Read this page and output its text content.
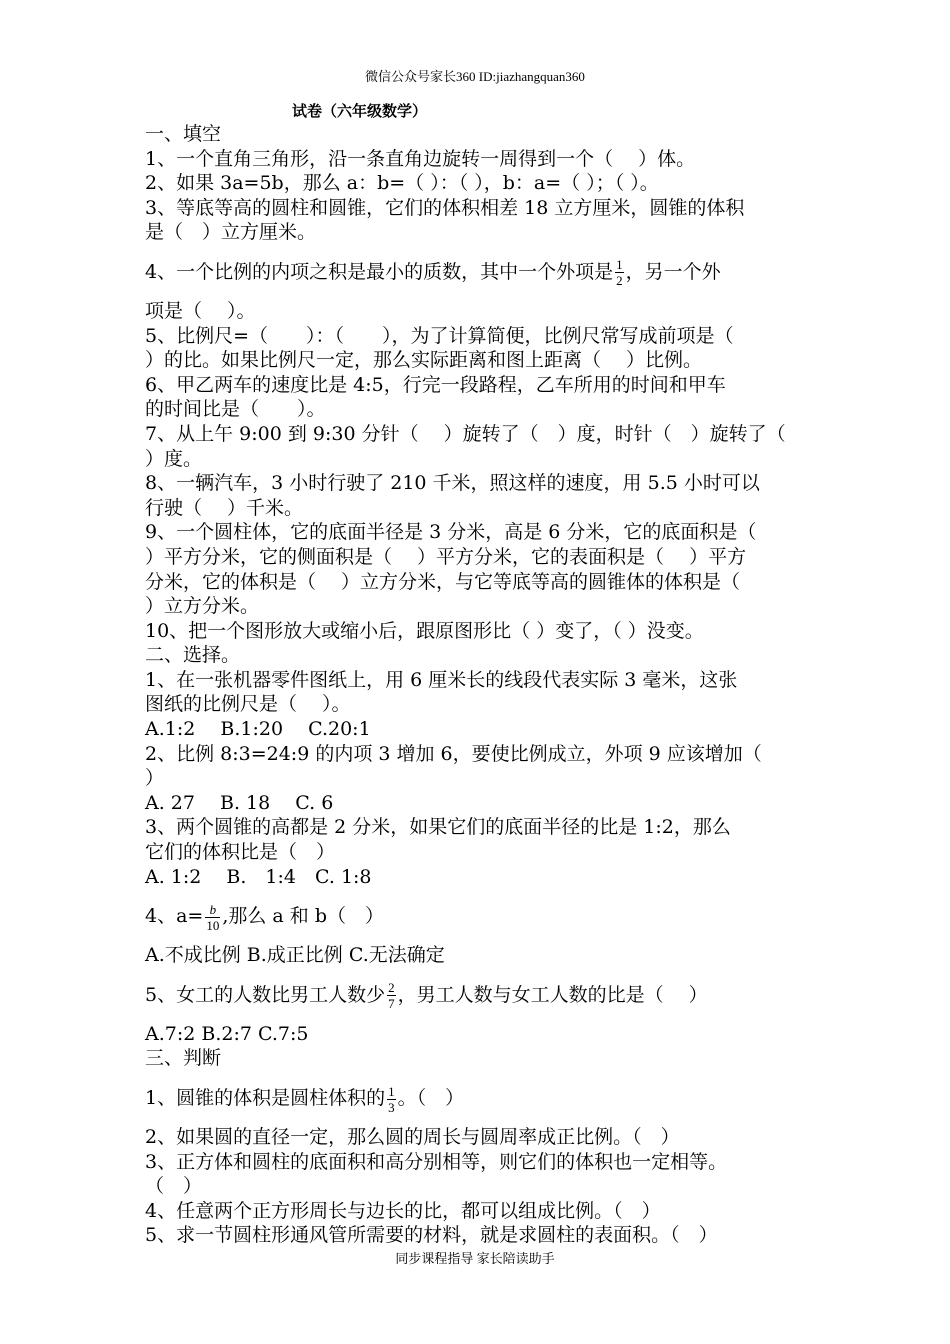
微信公众号家长360 ID:jiazhangquan360
试卷（六年级数学）

一、填空

1、一个直角三角形，沿一条直角边旋转一周得到一个（　 ）体。

2、如果 3a=5b，那么 a：b=（ ）：（ ），b：a=（ ）；（ ）。

3、等底等高的圆柱和圆锥，它们的体积相差 18 立方厘米，圆锥的体积

是（　）立方厘米。

4、一个比例的内项之积是最小的质数，其中一个外项是 $\frac{1}{2}$ ，另一个外

项是（　 ）。

5、比例尺=（　　）：（　　），为了计算简便，比例尺常写成前项是（

）的比。如果比例尺一定，那么实际距离和图上距离（　 ）比例。

6、甲乙两车的速度比是 4:5，行完一段路程，乙车所用的时间和甲车

的时间比是（　　）。

7、从上午 9:00 到 9:30 分针（　 ）旋转了（　）度，时针（　）旋转了（

）度。

8、一辆汽车，3 小时行驶了 210 千米，照这样的速度，用 5.5 小时可以

行驶（　 ）千米。

9、一个圆柱体，它的底面半径是 3 分米，高是 6 分米，它的底面积是（

）平方分米，它的侧面积是（　 ）平方分米，它的表面积是（　 ）平方

分米，它的体积是（　 ）立方分米，与它等底等高的圆锥体的体积是（

）立方分米。

10、把一个图形放大或缩小后，跟原图形比（ ）变了，（ ）没变。

二、选择。

1、在一张机器零件图纸上，用 6 厘米长的线段代表实际 3 毫米，这张

图纸的比例尺是（　 ）。

A.1:2　 B.1:20　 C.20:1

2、比例 8:3=24:9 的内项 3 增加 6，要使比例成立，外项 9 应该增加（

）

A. 27　 B. 18　 C. 6

3、两个圆锥的高都是 2 分米，如果它们的底面半径的比是 1:2，那么

它们的体积比是（　）

A. 1:2　 B.　1:4　C. 1:8

4、$a= \frac{b}{10}$ ,那么 a 和 b（　）

A.不成比例 B.成正比例 C.无法确定

5、女工的人数比男工人数少 $\frac{2}{7}$ ，男工人数与女工人数的比是（　 ）

A.7:2 B.2:7 C.7:5

三、判断

1、圆锥的体积是圆柱体积的 $\frac{1}{3}$ 。（　）

2、如果圆的直径一定，那么圆的周长与圆周率成正比例。（　）

3、正方体和圆柱的底面积和高分别相等，则它们的体积也一定相等。

（　）

4、任意两个正方形周长与边长的比，都可以组成比例。（　）

5、求一节圆柱形通风管所需要的材料，就是求圆柱的表面积。（　）

同步课程指导 家长陪读助手
